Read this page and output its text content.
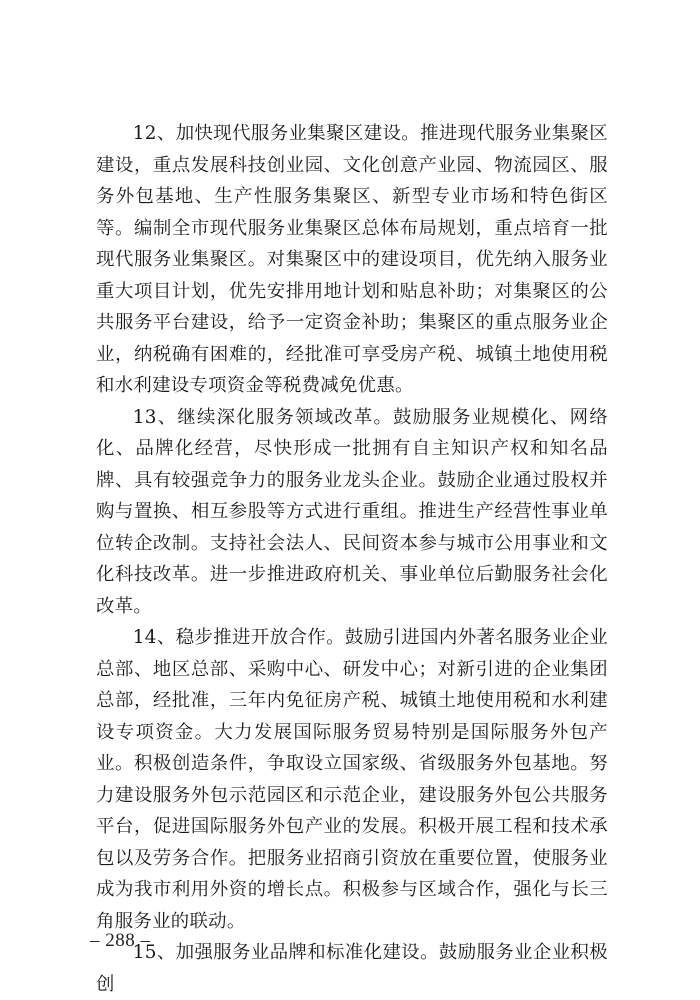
12、加快现代服务业集聚区建设。推进现代服务业集聚区建设，重点发展科技创业园、文化创意产业园、物流园区、服务外包基地、生产性服务集聚区、新型专业市场和特色街区等。编制全市现代服务业集聚区总体布局规划，重点培育一批现代服务业集聚区。对集聚区中的建设项目，优先纳入服务业重大项目计划，优先安排用地计划和贴息补助；对集聚区的公共服务平台建设，给予一定资金补助；集聚区的重点服务业企业，纳税确有困难的，经批准可享受房产税、城镇土地使用税和水利建设专项资金等税费减免优惠。

13、继续深化服务领域改革。鼓励服务业规模化、网络化、品牌化经营，尽快形成一批拥有自主知识产权和知名品牌、具有较强竞争力的服务业龙头企业。鼓励企业通过股权并购与置换、相互参股等方式进行重组。推进生产经营性事业单位转企改制。支持社会法人、民间资本参与城市公用事业和文化科技改革。进一步推进政府机关、事业单位后勤服务社会化改革。

14、稳步推进开放合作。鼓励引进国内外著名服务业企业总部、地区总部、采购中心、研发中心；对新引进的企业集团总部，经批准，三年内免征房产税、城镇土地使用税和水利建设专项资金。大力发展国际服务贸易特别是国际服务外包产业。积极创造条件，争取设立国家级、省级服务外包基地。努力建设服务外包示范园区和示范企业，建设服务外包公共服务平台，促进国际服务外包产业的发展。积极开展工程和技术承包以及劳务合作。把服务业招商引资放在重要位置，使服务业成为我市利用外资的增长点。积极参与区域合作，强化与长三角服务业的联动。

15、加强服务业品牌和标准化建设。鼓励服务业企业积极创

– 288 –
